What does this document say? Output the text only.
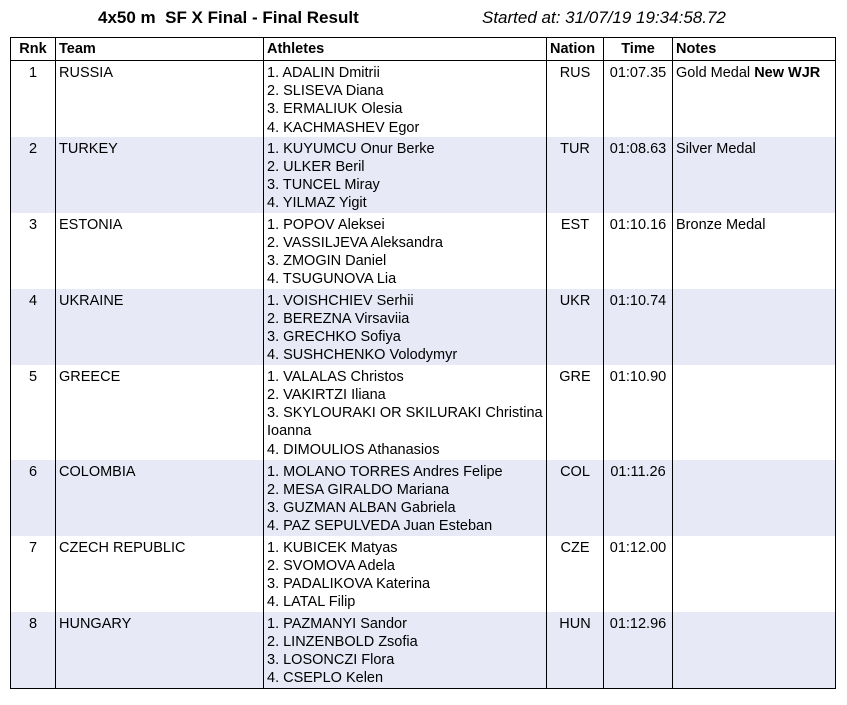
4x50 m  SF X Final - Final Result	Started at: 31/07/19 19:34:58.72
Rnk	Team	Athletes	Nation	Time	Notes
1	RUSSIA	1. ADALIN Dmitrii
2. SLISEVA Diana
3. ERMALIUK Olesia
4. KACHMASHEV Egor	RUS	01:07.35	Gold Medal New WJR
2	TURKEY	1. KUYUMCU Onur Berke
2. ULKER Beril
3. TUNCEL Miray
4. YILMAZ Yigit	TUR	01:08.63	Silver Medal
3	ESTONIA	1. POPOV Aleksei
2. VASSILJEVA Aleksandra
3. ZMOGIN Daniel
4. TSUGUNOVA Lia	EST	01:10.16	Bronze Medal
4	UKRAINE	1. VOISHCHIEV Serhii
2. BEREZNA Virsaviia
3. GRECHKO Sofiya
4. SUSHCHENKO Volodymyr	UKR	01:10.74	
5	GREECE	1. VALALAS Christos
2. VAKIRTZI Iliana
3. SKYLOURAKI OR SKILURAKI Christina Ioanna
4. DIMOULIOS Athanasios	GRE	01:10.90	
6	COLOMBIA	1. MOLANO TORRES Andres Felipe
2. MESA GIRALDO Mariana
3. GUZMAN ALBAN Gabriela
4. PAZ SEPULVEDA Juan Esteban	COL	01:11.26	
7	CZECH REPUBLIC	1. KUBICEK Matyas
2. SVOMOVA Adela
3. PADALIKOVA Katerina
4. LATAL Filip	CZE	01:12.00	
8	HUNGARY	1. PAZMANYI Sandor
2. LINZENBOLD Zsofia
3. LOSONCZI Flora
4. CSEPLO Kelen	HUN	01:12.96	
